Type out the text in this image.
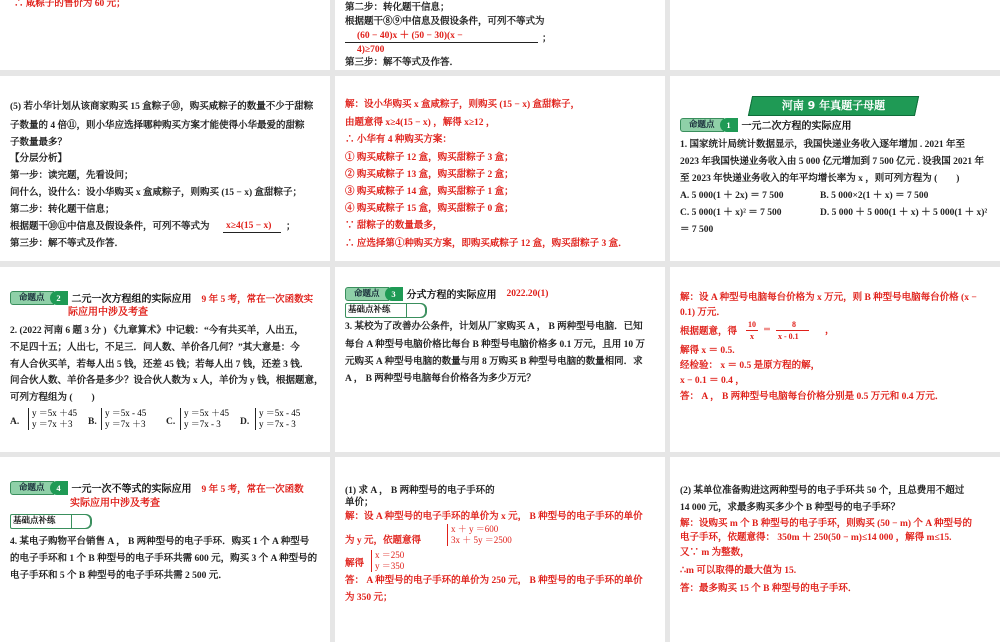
∴ 咸粽子的售价为 60 元；	第二步：转化题干信息；
根据题干⑧⑨中信息及假设条件，可列不等式为
(60 − 40)x ＋ (50 − 30)(x −
4)≥700
；
第三步：解不等式及作答．
(5) 若小华计划从该商家购买 15 盒粽子⑩，购买咸粽子的数量不少于甜粽
子数量的 4 倍⑪，则小华应选择哪种购买方案才能使得小华最爱的甜粽
子数量最多？
【分层分析】
第一步：读完题，先看设问；
问什么，设什么：设小华购买 x 盒咸粽子，则购买 (15 − x) 盒甜粽子；
第二步：转化题干信息；
根据题干⑩⑪中信息及假设条件，可列不等式为 x≥4(15 − x) ；
第三步：解不等式及作答．
解：设小华购买 x 盒咸粽子，则购买 (15 − x) 盒甜粽子，
由题意得 x≥4(15 − x) ，解得 x≥12 ，
∴ 小华有 4 种购买方案：
① 购买咸粽子 12 盒，购买甜粽子 3 盒；
② 购买咸粽子 13 盒，购买甜粽子 2 盒；
③ 购买咸粽子 14 盒，购买甜粽子 1 盒；
④ 购买咸粽子 15 盒，购买甜粽子 0 盒；
∵ 甜粽子的数量最多，
∴ 应选择第①种购买方案，即购买咸粽子 12 盒，购买甜粽子 3 盒．
河南 9 年真题子母题
命题点	1	一元二次方程的实际应用
1. 国家统计局统计数据显示，我国快递业务收入逐年增加 . 2021 年至
2023 年我国快递业务收入由 5 000 亿元增加到 7 500 亿元 . 设我国 2021 年
至 2023 年快递业务收入的年平均增长率为 x ，则可列方程为 (　　)
A. 5 000(1 ＋ 2x) ＝ 7 500	B. 5 000×2(1 ＋ x) ＝ 7 500
C. 5 000(1 ＋ x)² ＝ 7 500	D. 5 000 ＋ 5 000(1 ＋ x) ＋ 5 000(1 ＋ x)²
＝ 7 500
命题点	2	二元一次方程组的实际应用 9 年 5 考，常在一次函数实
际应用中涉及考查
2. (2022 河南 6 题 3 分 ) 《九章算术》中记载：“今有共买羊，人出五，
不足四十五；人出七，不足三．问人数、羊价各几何？”其大意是：今
有人合伙买羊，若每人出 5 钱，还差 45 钱；若每人出 7 钱，还差 3 钱．
问合伙人数、羊价各是多少？设合伙人数为 x 人，羊价为 y 钱，根据题意，
可列方程组为 (　　)
A.
y ＝5x ＋45
y ＝7x ＋3	B.
y ＝5x - 45
y ＝7x ＋3 C.
y ＝5x ＋45
y ＝7x - 3	D.
y ＝5x - 45
y ＝7x - 3
命题点	3	分式方程的实际应用 2022.20(1)
基础点补练
3. 某校为了改善办公条件，计划从厂家购买 A ， B 两种型号电脑．已知
每台 A 种型号电脑价格比每台 B 种型号电脑价格多 0.1 万元，且用 10 万
元购买 A 种型号电脑的数量与用 8 万购买 B 种型号电脑的数量相同．求
A ， B 两种型号电脑每台价格各为多少万元？
解：设 A 种型号电脑每台价格为 x 万元，则 B 种型号电脑每台价格 (x −
0.1) 万元．
根据题意，得
10
x
＝
8
x - 0.1
，
解得 x ＝ 0.5.
经检验： x ＝ 0.5 是原方程的解，
x − 0.1 ＝ 0.4 ，
答： A ， B 两种型号电脑每台价格分别是 0.5 万元和 0.4 万元．
命题点	4	一元一次不等式的实际应用 9 年 5 考，常在一次函数
实际应用中涉及考查
基础点补练
4. 某电子购物平台销售 A ， B 两种型号的电子手环．购买 1 个 A 种型号
的电子手环和 1 个 B 种型号的电子手环共需 600 元，购买 3 个 A 种型号的
电子手环和 5 个 B 种型号的电子手环共需 2 500 元．
(1) 求 A ， B 两种型号的电子手环的
单价；
解：设 A 种型号的电子手环的单价为 x 元， B 种型号的电子手环的单价
为 y 元，依题意得
x ＋ y ＝600
3x ＋ 5y ＝2500
解得
x ＝250
y ＝350
答： A 种型号的电子手环的单价为 250 元， B 种型号的电子手环的单价
为 350 元；
(2) 某单位准备购进这两种型号的电子手环共 50 个，且总费用不超过
14 000 元，求最多购买多少个 B 种型号的电子手环？
解：设购买 m 个 B 种型号的电子手环，则购买 (50 − m) 个 A 种型号的
电子手环，依题意得： 350m ＋ 250(50 − m)≤14 000 ，解得 m≤15.
又∵ m 为整数，
∴m 可以取得的最大值为 15.
答：最多购买 15 个 B 种型号的电子手环．
